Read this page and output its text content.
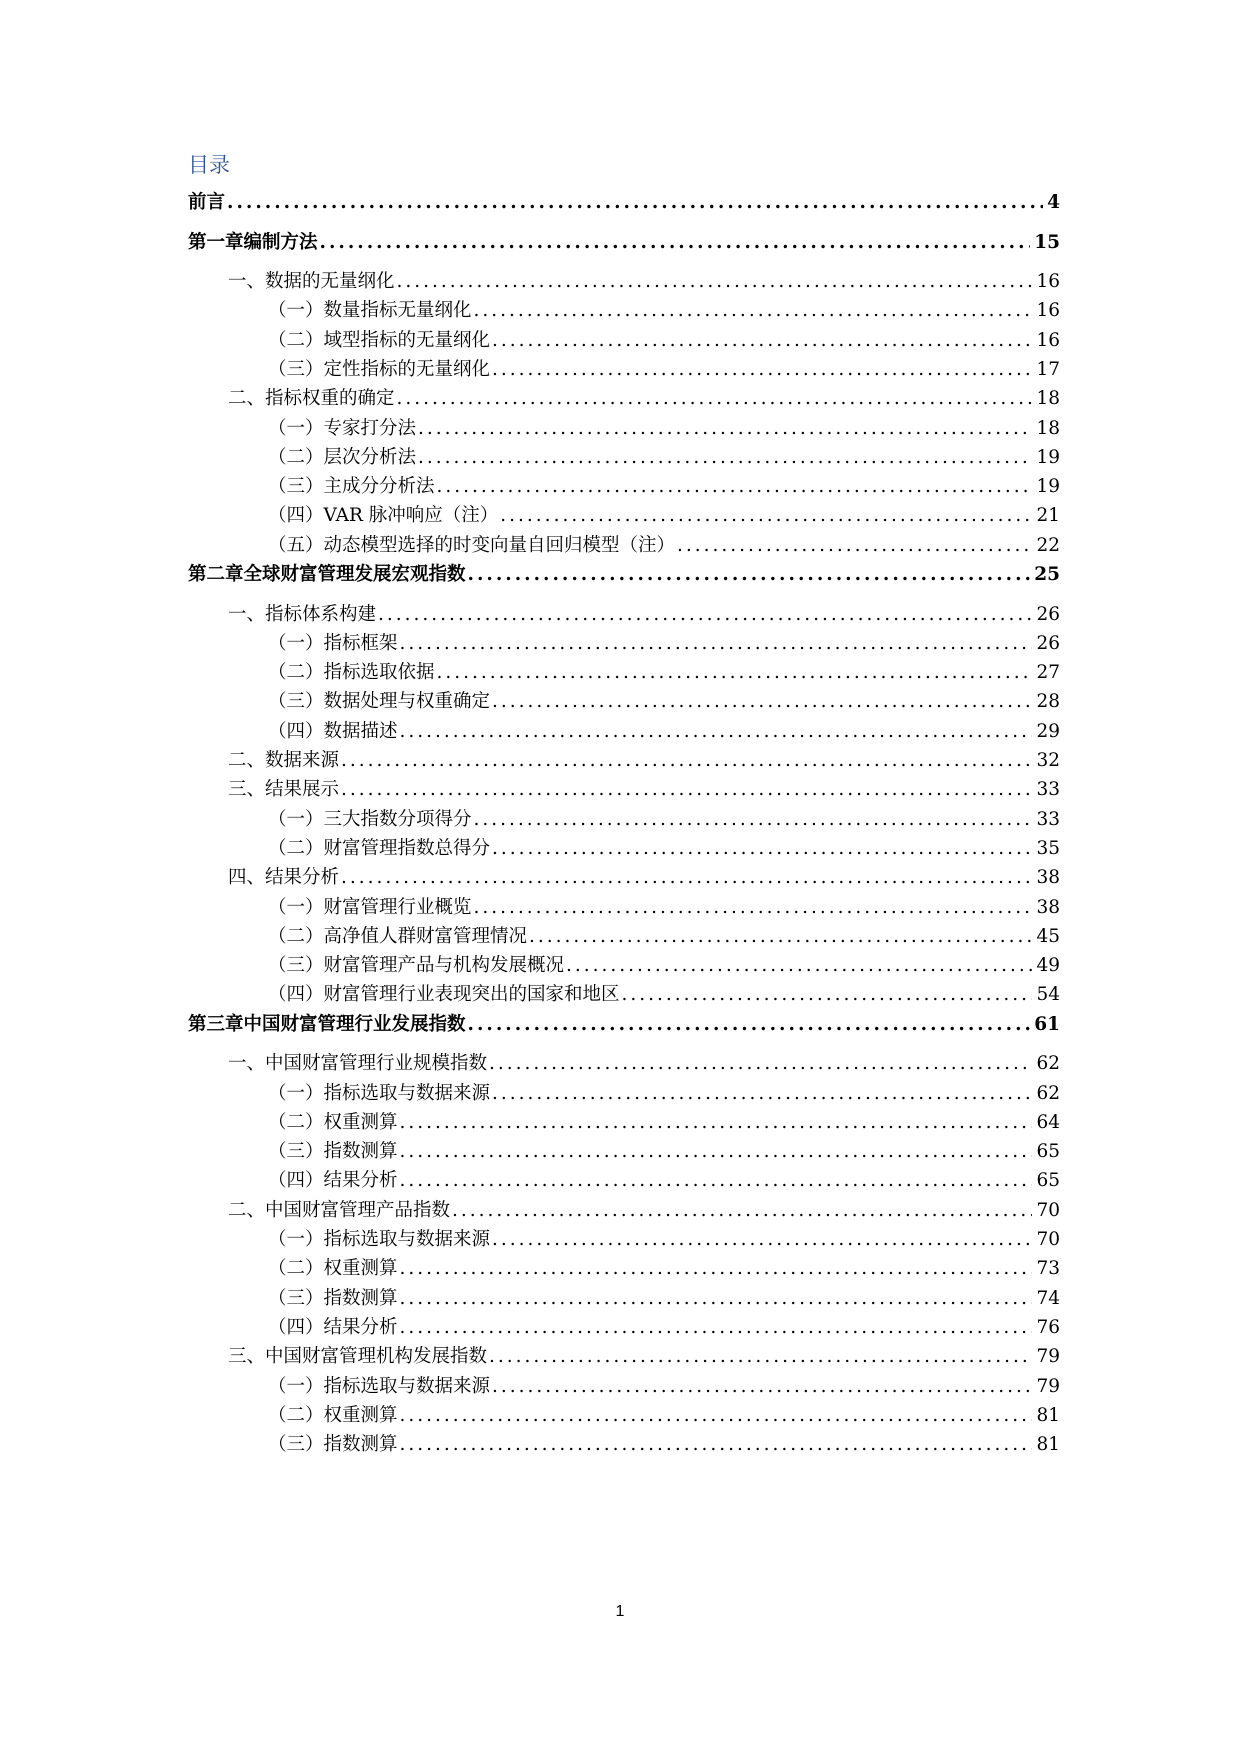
目录
前言 .....	4
第一章编制方法 .....	15
一、数据的无量纲化 .....	16
（一）数量指标无量纲化 .....	16
（二）域型指标的无量纲化 .....	16
（三）定性指标的无量纲化 .....	17
二、指标权重的确定 .....	18
（一）专家打分法 .....	18
（二）层次分析法 .....	19
（三）主成分分析法 .....	19
（四）VAR 脉冲响应（注） .....	21
（五）动态模型选择的时变向量自回归模型（注） .....	22
第二章全球财富管理发展宏观指数 .....	25
一、指标体系构建 .....	26
（一）指标框架 .....	26
（二）指标选取依据 .....	27
（三）数据处理与权重确定 .....	28
（四）数据描述 .....	29
二、数据来源 .....	32
三、结果展示 .....	33
（一）三大指数分项得分 .....	33
（二）财富管理指数总得分 .....	35
四、结果分析 .....	38
（一）财富管理行业概览 .....	38
（二）高净值人群财富管理情况 .....	45
（三）财富管理产品与机构发展概况 .....	49
（四）财富管理行业表现突出的国家和地区 .....	54
第三章中国财富管理行业发展指数 .....	61
一、中国财富管理行业规模指数 .....	62
（一）指标选取与数据来源 .....	62
（二）权重测算 .....	64
（三）指数测算 .....	65
（四）结果分析 .....	65
二、中国财富管理产品指数 .....	70
（一）指标选取与数据来源 .....	70
（二）权重测算 .....	73
（三）指数测算 .....	74
（四）结果分析 .....	76
三、中国财富管理机构发展指数 .....	79
（一）指标选取与数据来源 .....	79
（二）权重测算 .....	81
（三）指数测算 .....	81
1
